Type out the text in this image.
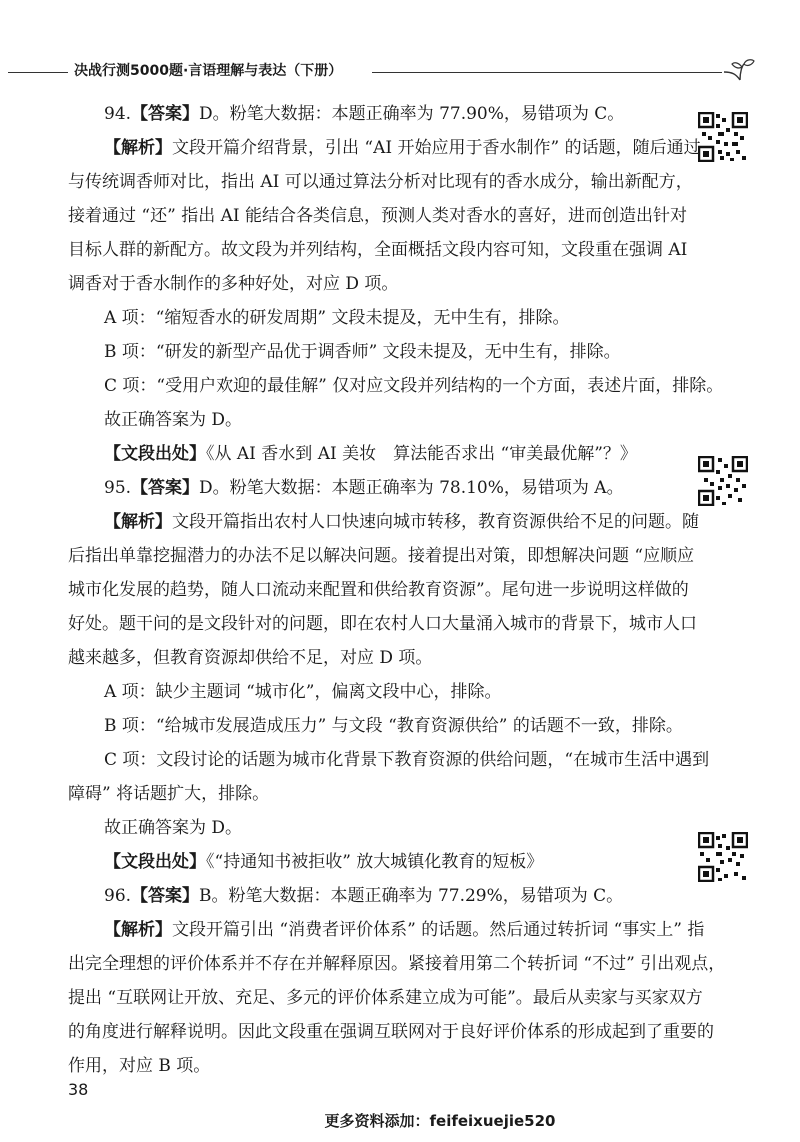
决战行测5000题·言语理解与表达（下册）
94.【答案】D。粉笔大数据：本题正确率为 77.90%，易错项为 C。
【解析】文段开篇介绍背景，引出 “AI 开始应用于香水制作” 的话题，随后通过
与传统调香师对比，指出 AI 可以通过算法分析对比现有的香水成分，输出新配方，
接着通过 “还” 指出 AI 能结合各类信息，预测人类对香水的喜好，进而创造出针对
目标人群的新配方。故文段为并列结构，全面概括文段内容可知，文段重在强调 AI
调香对于香水制作的多种好处，对应 D 项。
A 项：“缩短香水的研发周期” 文段未提及，无中生有，排除。
B 项：“研发的新型产品优于调香师” 文段未提及，无中生有，排除。
C 项：“受用户欢迎的最佳解” 仅对应文段并列结构的一个方面，表述片面，排除。
故正确答案为 D。
【文段出处】《从 AI 香水到 AI 美妆　算法能否求出 “审美最优解”？》
95.【答案】D。粉笔大数据：本题正确率为 78.10%，易错项为 A。
【解析】文段开篇指出农村人口快速向城市转移，教育资源供给不足的问题。随
后指出单靠挖掘潜力的办法不足以解决问题。接着提出对策，即想解决问题 “应顺应
城市化发展的趋势，随人口流动来配置和供给教育资源”。尾句进一步说明这样做的
好处。题干问的是文段针对的问题，即在农村人口大量涌入城市的背景下，城市人口
越来越多，但教育资源却供给不足，对应 D 项。
A 项：缺少主题词 “城市化”，偏离文段中心，排除。
B 项：“给城市发展造成压力” 与文段 “教育资源供给” 的话题不一致，排除。
C 项：文段讨论的话题为城市化背景下教育资源的供给问题，“在城市生活中遇到
障碍” 将话题扩大，排除。
故正确答案为 D。
【文段出处】《“持通知书被拒收” 放大城镇化教育的短板》
96.【答案】B。粉笔大数据：本题正确率为 77.29%，易错项为 C。
【解析】文段开篇引出 “消费者评价体系” 的话题。然后通过转折词 “事实上” 指
出完全理想的评价体系并不存在并解释原因。紧接着用第二个转折词 “不过” 引出观点，
提出 “互联网让开放、充足、多元的评价体系建立成为可能”。最后从卖家与买家双方
的角度进行解释说明。因此文段重在强调互联网对于良好评价体系的形成起到了重要的
作用，对应 B 项。
38
更多资料添加：feifeixuejie520
